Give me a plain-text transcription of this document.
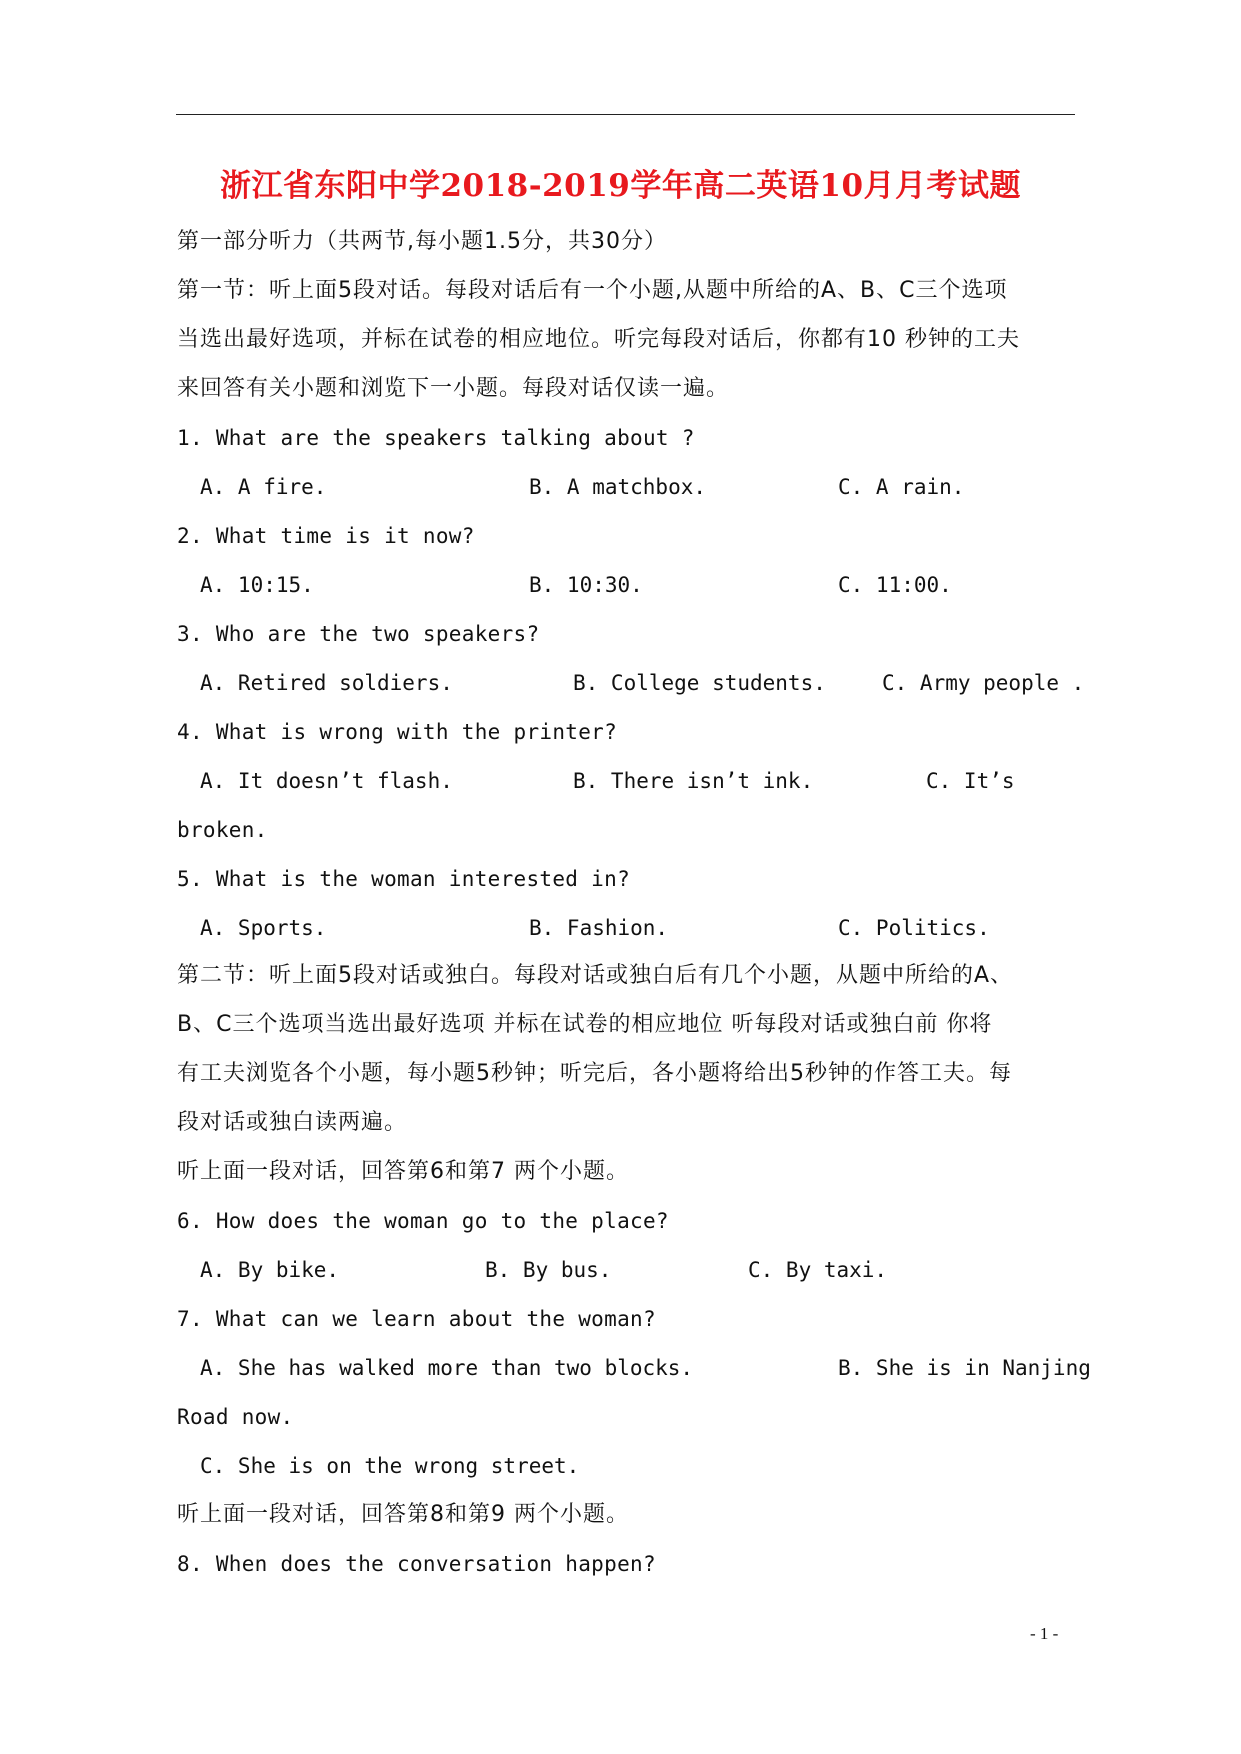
浙江省东阳中学2018-2019学年高二英语10月月考试题
第一部分听力（共两节,每小题1.5分，共30分）
第一节：听上面5段对话。每段对话后有一个小题,从题中所给的A、B、C三个选项
当选出最好选项，并标在试卷的相应地位。听完每段对话后，你都有10 秒钟的工夫
来回答有关小题和浏览下一小题。每段对话仅读一遍。
1. What are the speakers talking about ?
A. A fire.	B. A matchbox.	C. A rain.
2. What time is it now?
A. 10:15.	B. 10:30.	C. 11:00.
3. Who are the two speakers?
A. Retired soldiers.	B. College students.	C. Army people .
4. What is wrong with the printer?
A. It doesn’t flash.	B. There isn’t ink.	C. It’s
broken.
5. What is the woman interested in?
A. Sports.	B. Fashion.	C. Politics.
第二节：听上面5段对话或独白。每段对话或独白后有几个小题，从题中所给的A、
B、C三个选项当选出最好选项 并标在试卷的相应地位 听每段对话或独白前 你将
有工夫浏览各个小题，每小题5秒钟；听完后，各小题将给出5秒钟的作答工夫。每
段对话或独白读两遍。
听上面一段对话，回答第6和第7 两个小题。
6. How does the woman go to the place?
A. By bike.	B. By bus.	C. By taxi.
7. What can we learn about the woman?
A. She has walked more than two blocks.	B. She is in Nanjing
Road now.
C. She is on the wrong street.
听上面一段对话，回答第8和第9 两个小题。
8. When does the conversation happen?
- 1 -
